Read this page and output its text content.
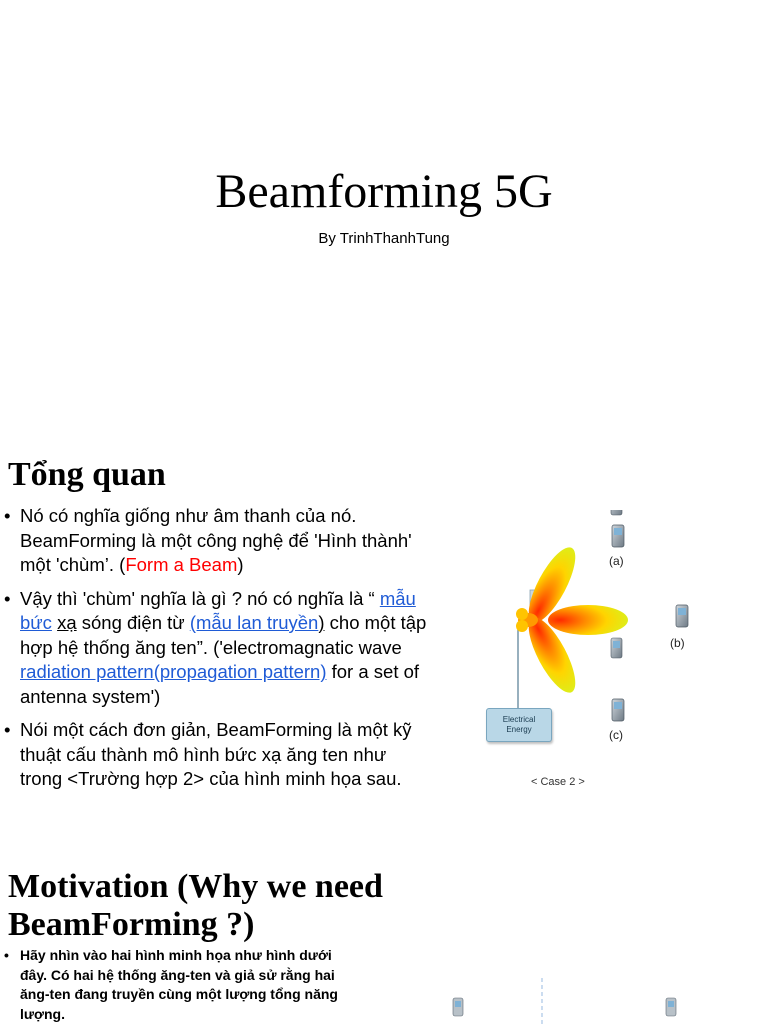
Beamforming 5G

By TrinhThanhTung

Tổng quan
• Nó có nghĩa giống như âm thanh của nó. BeamForming là một công nghệ để 'Hình thành' một 'chùm’. (Form a Beam)
• Vậy thì 'chùm' nghĩa là gì ? nó có nghĩa là “ mẫu bức xạ sóng điện từ (mẫu lan truyền) cho một tập hợp hệ thống ăng ten”. ('electromagnatic wave radiation pattern(propagation pattern) for a set of antenna system')
• Nói một cách đơn giản, BeamForming là một kỹ thuật cấu thành mô hình bức xạ ăng ten như trong <Trường hợp 2> của hình minh họa sau.
(a)
(b)
(c)
Electrical
Energy
< Case 2 >
Motivation (Why we need BeamForming ?)
• Hãy nhìn vào hai hình minh họa như hình dưới đây. Có hai hệ thống ăng-ten và giả sử rằng hai ăng-ten đang truyền cùng một lượng tổng năng lượng.
